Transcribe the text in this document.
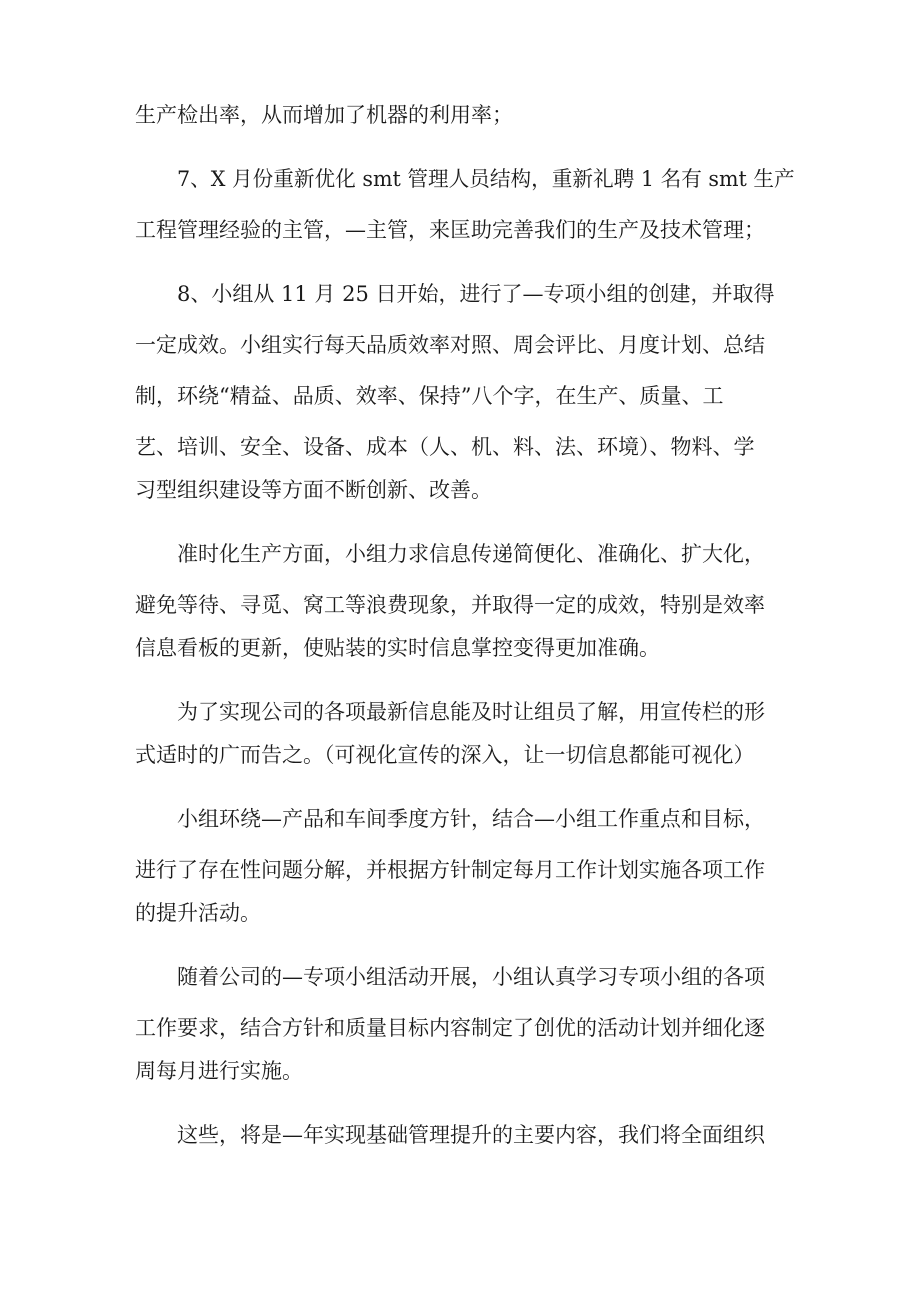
生产检出率，从而增加了机器的利用率；
7、X 月份重新优化 smt 管理人员结构，重新礼聘 1 名有 smt 生产
工程管理经验的主管，—主管，来匡助完善我们的生产及技术管理；
8、小组从 11 月 25 日开始，进行了—专项小组的创建，并取得
一定成效。小组实行每天品质效率对照、周会评比、月度计划、总结
制，环绕“精益、品质、效率、保持”八个字，在生产、质量、工
艺、培训、安全、设备、成本（人、机、料、法、环境）、物料、学
习型组织建设等方面不断创新、改善。
准时化生产方面，小组力求信息传递简便化、准确化、扩大化，
避免等待、寻觅、窝工等浪费现象，并取得一定的成效，特别是效率
信息看板的更新，使贴装的实时信息掌控变得更加准确。
为了实现公司的各项最新信息能及时让组员了解，用宣传栏的形
式适时的广而告之。（可视化宣传的深入，让一切信息都能可视化）
小组环绕—产品和车间季度方针，结合—小组工作重点和目标，
进行了存在性问题分解，并根据方针制定每月工作计划实施各项工作
的提升活动。
随着公司的—专项小组活动开展，小组认真学习专项小组的各项
工作要求，结合方针和质量目标内容制定了创优的活动计划并细化逐
周每月进行实施。
这些，将是—年实现基础管理提升的主要内容，我们将全面组织
